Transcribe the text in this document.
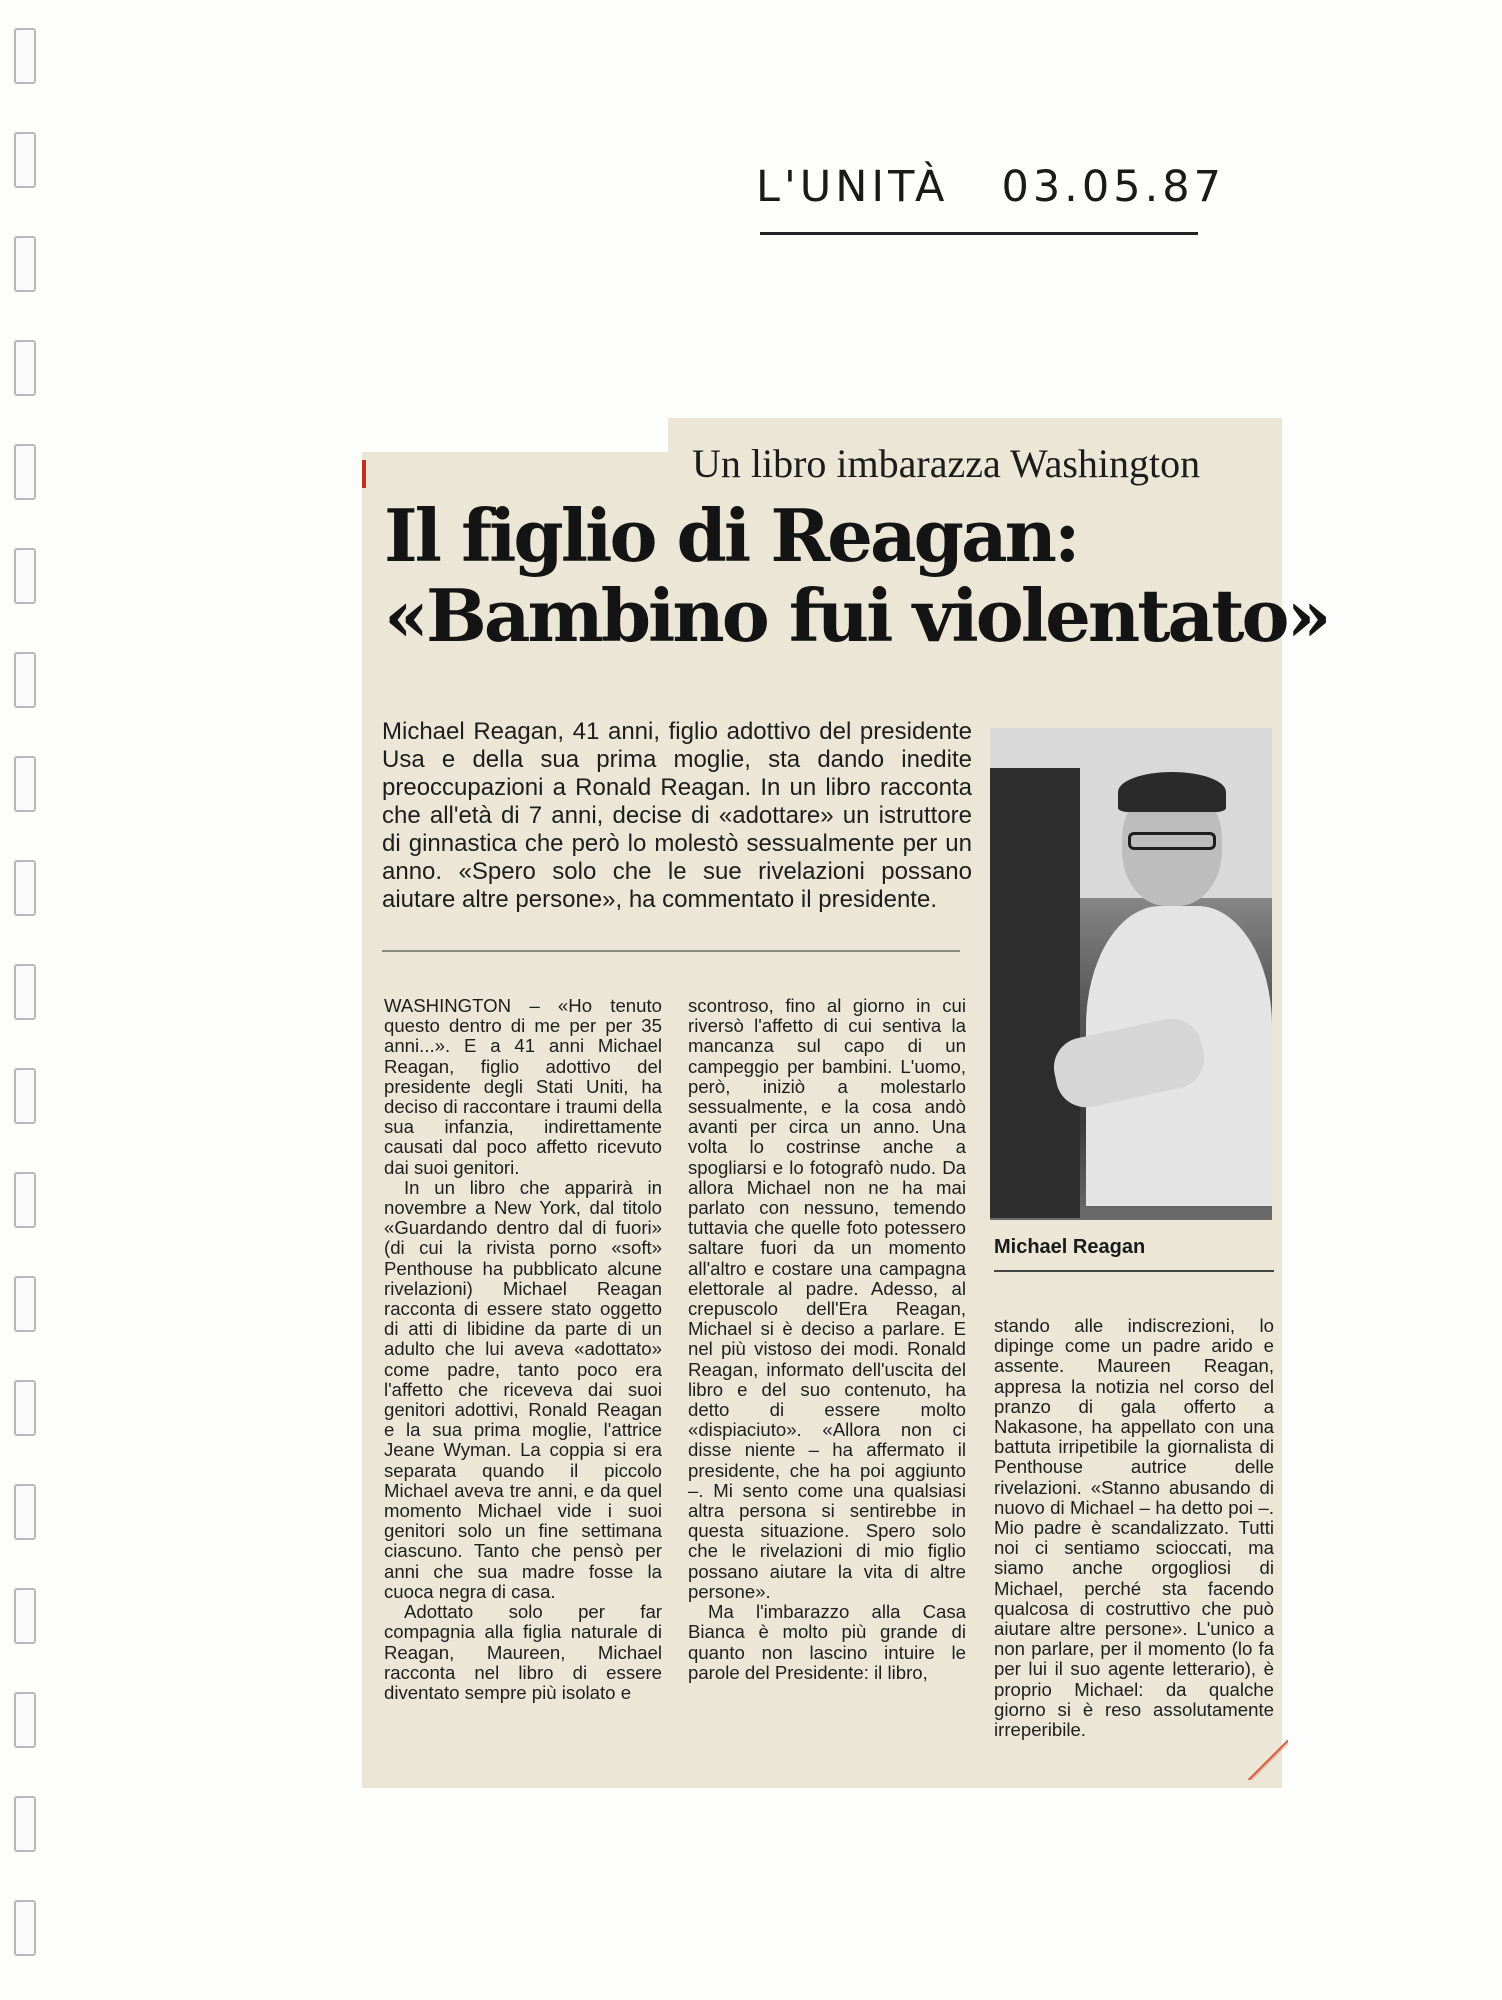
L'UNITÀ 03.05.87
Un libro imbarazza Washington
Il figlio di Reagan:
«Bambino fui violentato»
Michael Reagan, 41 anni, figlio adottivo del presidente Usa e della sua prima moglie, sta dando inedite preoccupazioni a Ronald Reagan. In un libro racconta che all'età di 7 anni, decise di «adottare» un istruttore di ginnastica che però lo molestò sessualmente per un anno. «Spero solo che le sue rivelazioni possano aiutare altre persone», ha commentato il presidente.
Michael Reagan

WASHINGTON – «Ho tenuto questo dentro di me per per 35 anni...». E a 41 anni Michael Reagan, figlio adottivo del presidente degli Stati Uniti, ha deciso di raccontare i traumi della sua infanzia, indirettamente causati dal poco affetto ricevuto dai suoi genitori.

In un libro che apparirà in novembre a New York, dal titolo «Guardando dentro dal di fuori» (di cui la rivista porno «soft» Penthouse ha pubblicato alcune rivelazioni) Michael Reagan racconta di essere stato oggetto di atti di libidine da parte di un adulto che lui aveva «adottato» come padre, tanto poco era l'affetto che riceveva dai suoi genitori adottivi, Ronald Reagan e la sua prima moglie, l'attrice Jeane Wyman. La coppia si era separata quando il piccolo Michael aveva tre anni, e da quel momento Michael vide i suoi genitori solo un fine settimana ciascuno. Tanto che pensò per anni che sua madre fosse la cuoca negra di casa.

Adottato solo per far compagnia alla figlia naturale di Reagan, Maureen, Michael racconta nel libro di essere diventato sempre più isolato e

scontroso, fino al giorno in cui riversò l'affetto di cui sentiva la mancanza sul capo di un campeggio per bambini. L'uomo, però, iniziò a molestarlo sessualmente, e la cosa andò avanti per circa un anno. Una volta lo costrinse anche a spogliarsi e lo fotografò nudo. Da allora Michael non ne ha mai parlato con nessuno, temendo tuttavia che quelle foto potessero saltare fuori da un momento all'altro e costare una campagna elettorale al padre. Adesso, al crepuscolo dell'Era Reagan, Michael si è deciso a parlare. E nel più vistoso dei modi. Ronald Reagan, informato dell'uscita del libro e del suo contenuto, ha detto di essere molto «dispiaciuto». «Allora non ci disse niente – ha affermato il presidente, che ha poi aggiunto –. Mi sento come una qualsiasi altra persona si sentirebbe in questa situazione. Spero solo che le rivelazioni di mio figlio possano aiutare la vita di altre persone».

Ma l'imbarazzo alla Casa Bianca è molto più grande di quanto non lascino intuire le parole del Presidente: il libro,

stando alle indiscrezioni, lo dipinge come un padre arido e assente. Maureen Reagan, appresa la notizia nel corso del pranzo di gala offerto a Nakasone, ha appellato con una battuta irripetibile la giornalista di Penthouse autrice delle rivelazioni. «Stanno abusando di nuovo di Michael – ha detto poi –. Mio padre è scandalizzato. Tutti noi ci sentiamo scioccati, ma siamo anche orgogliosi di Michael, perché sta facendo qualcosa di costruttivo che può aiutare altre persone». L'unico a non parlare, per il momento (lo fa per lui il suo agente letterario), è proprio Michael: da qualche giorno si è reso assolutamente irreperibile.
